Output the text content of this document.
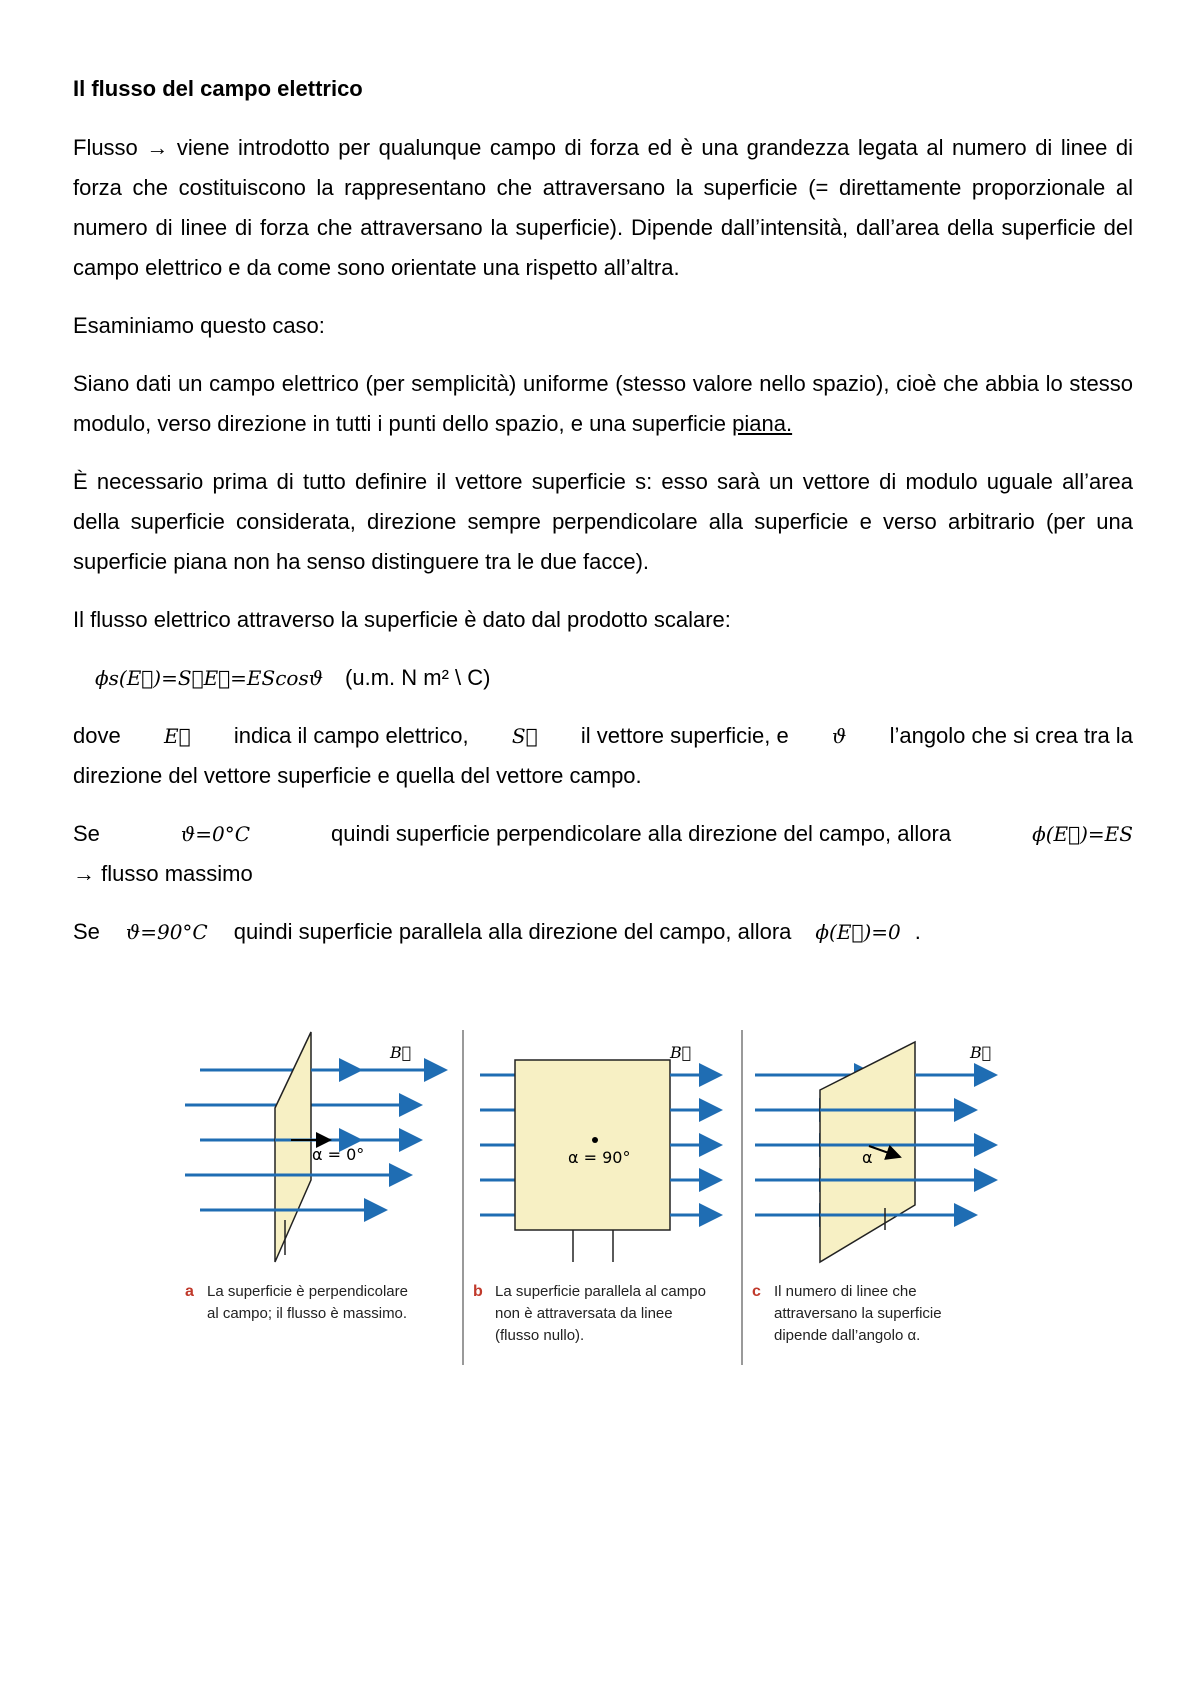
Il flusso del campo elettrico

Flusso → viene introdotto per qualunque campo di forza ed è una grandezza legata al numero di linee di forza che costituiscono la rappresentano che attraversano la superficie (= direttamente proporzionale al numero di linee di forza che attraversano la superficie). Dipende dall’intensità, dall’area della superficie del campo elettrico e da come sono orientate una rispetto all’altra.

Esaminiamo questo caso:

Siano dati un campo elettrico (per semplicità) uniforme (stesso valore nello spazio), cioè che abbia lo stesso modulo, verso direzione in tutti i punti dello spazio, e una superficie piana.

È necessario prima di tutto definire il vettore superficie s: esso sarà un vettore di modulo uguale all’area della superficie considerata, direzione sempre perpendicolare alla superficie e verso arbitrario (per una superficie piana non ha senso distinguere tra le due facce).

Il flusso elettrico attraverso la superficie è dato dal prodotto scalare:

ϕs(E⃗)=S⃗E⃗=EScosϑ (u.m. N m² \ C)

dove E⃗ indica il campo elettrico, S⃗ il vettore superficie, e ϑ l’angolo che si crea tra la
direzione del vettore superficie e quella del vettore campo.

Se	ϑ=0°C	quindi superficie perpendicolare alla direzione del campo, allora	ϕ(E⃗)=ES
→ flusso massimo

Se ϑ=90°C quindi superficie parallela alla direzione del campo, allora ϕ(E⃗)=0 .

B⃗
α = 0°
a La superficie è perpendicolare
al campo; il flusso è massimo.
B⃗
α = 90°
b La superficie parallela al campo
non è attraversata da linee
(flusso nullo).
B⃗
α
c Il numero di linee che
attraversano la superficie
dipende dall’angolo α.
